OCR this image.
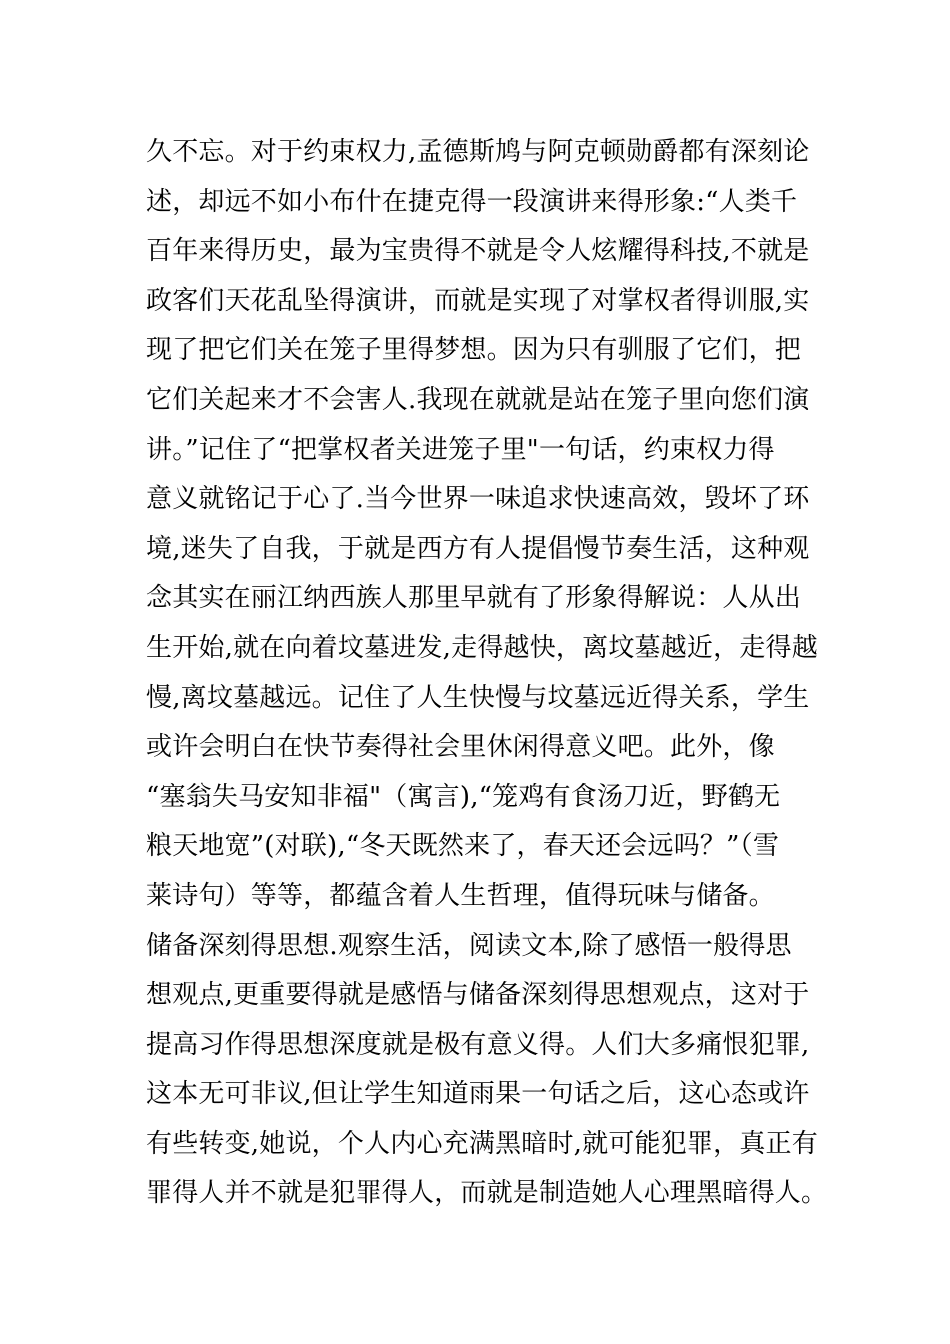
久不忘。对于约束权力,孟德斯鸠与阿克顿勋爵都有深刻论
述，却远不如小布什在捷克得一段演讲来得形象:“人类千
百年来得历史，最为宝贵得不就是令人炫耀得科技,不就是
政客们天花乱坠得演讲，而就是实现了对掌权者得训服,实
现了把它们关在笼子里得梦想。因为只有驯服了它们，把
它们关起来才不会害人.我现在就就是站在笼子里向您们演
讲。”记住了“把掌权者关进笼子里"一句话，约束权力得
意义就铭记于心了.当今世界一味追求快速高效，毁坏了环
境,迷失了自我，于就是西方有人提倡慢节奏生活，这种观
念其实在丽江纳西族人那里早就有了形象得解说：人从出
生开始,就在向着坟墓进发,走得越快，离坟墓越近，走得越
慢,离坟墓越远。记住了人生快慢与坟墓远近得关系，学生
或许会明白在快节奏得社会里休闲得意义吧。此外，像
“塞翁失马安知非福"（寓言),“笼鸡有食汤刀近，野鹤无
粮天地宽”(对联),“冬天既然来了，春天还会远吗？”（雪
莱诗句）等等，都蕴含着人生哲理，值得玩味与储备。
储备深刻得思想.观察生活，阅读文本,除了感悟一般得思
想观点,更重要得就是感悟与储备深刻得思想观点，这对于
提高习作得思想深度就是极有意义得。人们大多痛恨犯罪,
这本无可非议,但让学生知道雨果一句话之后，这心态或许
有些转变,她说，个人内心充满黑暗时,就可能犯罪，真正有
罪得人并不就是犯罪得人，而就是制造她人心理黑暗得人。
